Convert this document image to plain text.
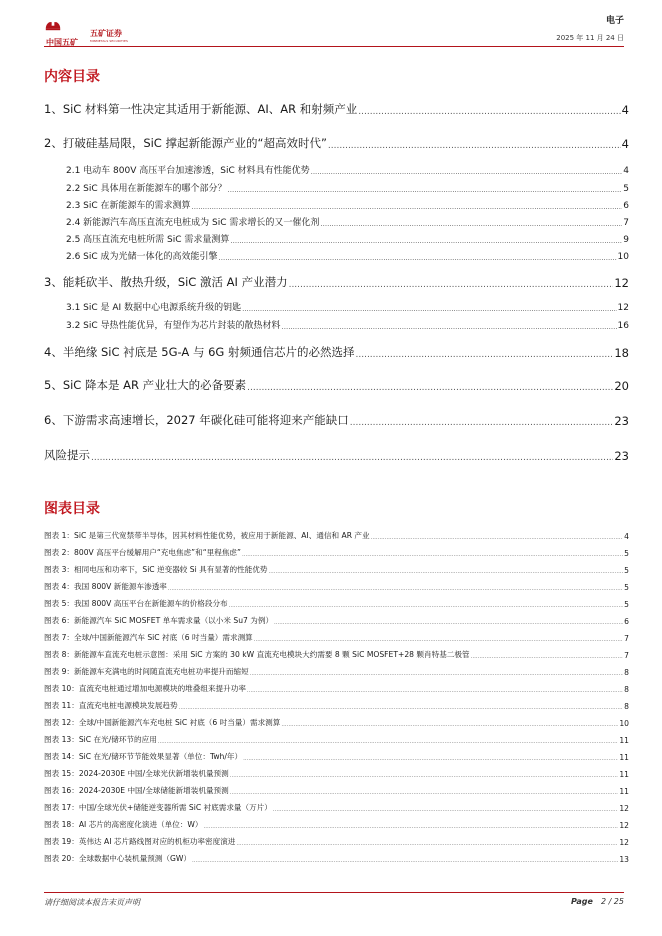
中国五矿
五矿证券
MINMETALS SECURITIES
电子
2025 年 11 月 24 日
内容目录
1、SiC 材料第一性决定其适用于新能源、AI、AR 和射频产业 .....	4
2、打破硅基局限，SiC 撑起新能源产业的“超高效时代” .....	4
2.1 电动车 800V 高压平台加速渗透，SiC 材料具有性能优势 .....	4
2.2 SiC 具体用在新能源车的哪个部分？ .....	5
2.3 SiC 在新能源车的需求测算 .....	6
2.4 新能源汽车高压直流充电桩成为 SiC 需求增长的又一催化剂 .....	7
2.5 高压直流充电桩所需 SiC 需求量测算 .....	9
2.6 SiC 成为光储一体化的高效能引擎 .....	10
3、能耗砍半、散热升级，SiC 激活 AI 产业潜力 .....	12
3.1 SiC 是 AI 数据中心电源系统升级的钥匙 .....	12
3.2 SiC 导热性能优异，有望作为芯片封装的散热材料 .....	16
4、半绝缘 SiC 衬底是 5G-A 与 6G 射频通信芯片的必然选择 .....	18
5、SiC 降本是 AR 产业壮大的必备要素 .....	20
6、下游需求高速增长，2027 年碳化硅可能将迎来产能缺口 .....	23
风险提示 .....	23
图表目录
图表 1：SiC 是第三代宽禁带半导体，因其材料性能优势，被应用于新能源、AI、通信和 AR 产业 .....	4
图表 2：800V 高压平台缓解用户“充电焦虑”和“里程焦虑” .....	5
图表 3：相同电压和功率下，SiC 逆变器较 Si 具有显著的性能优势 .....	5
图表 4：我国 800V 新能源车渗透率 .....	5
图表 5：我国 800V 高压平台在新能源车的价格段分布 .....	5
图表 6：新能源汽车 SiC MOSFET 单车需求量（以小米 Su7 为例） .....	6
图表 7：全球/中国新能源汽车 SiC 衬底（6 吋当量）需求测算 .....	7
图表 8：新能源车直流充电桩示意图：采用 SiC 方案的 30 kW 直流充电模块大约需要 8 颗 SiC MOSFET+28 颗肖特基二极管 .....	7
图表 9：新能源车充满电的时间随直流充电桩功率提升而缩短 .....	8
图表 10：直流充电桩通过增加电源模块的堆叠组来提升功率 .....	8
图表 11：直流充电桩电源模块发展趋势 .....	8
图表 12：全球/中国新能源汽车充电桩 SiC 衬底（6 吋当量）需求测算 .....	10
图表 13：SiC 在光/储环节的应用 .....	11
图表 14：SiC 在光/储环节节能效果显著（单位：Twh/年） .....	11
图表 15：2024-2030E 中国/全球光伏新增装机量预测 .....	11
图表 16：2024-2030E 中国/全球储能新增装机量预测 .....	11
图表 17：中国/全球光伏+储能逆变器所需 SiC 衬底需求量（万片） .....	12
图表 18：AI 芯片的高密度化演进（单位：W） .....	12
图表 19：英伟达 AI 芯片路线图对应的机柜功率密度演进 .....	12
图表 20：全球数据中心装机量预测（GW） .....	13
请仔细阅读本报告末页声明	Page 2 / 25
